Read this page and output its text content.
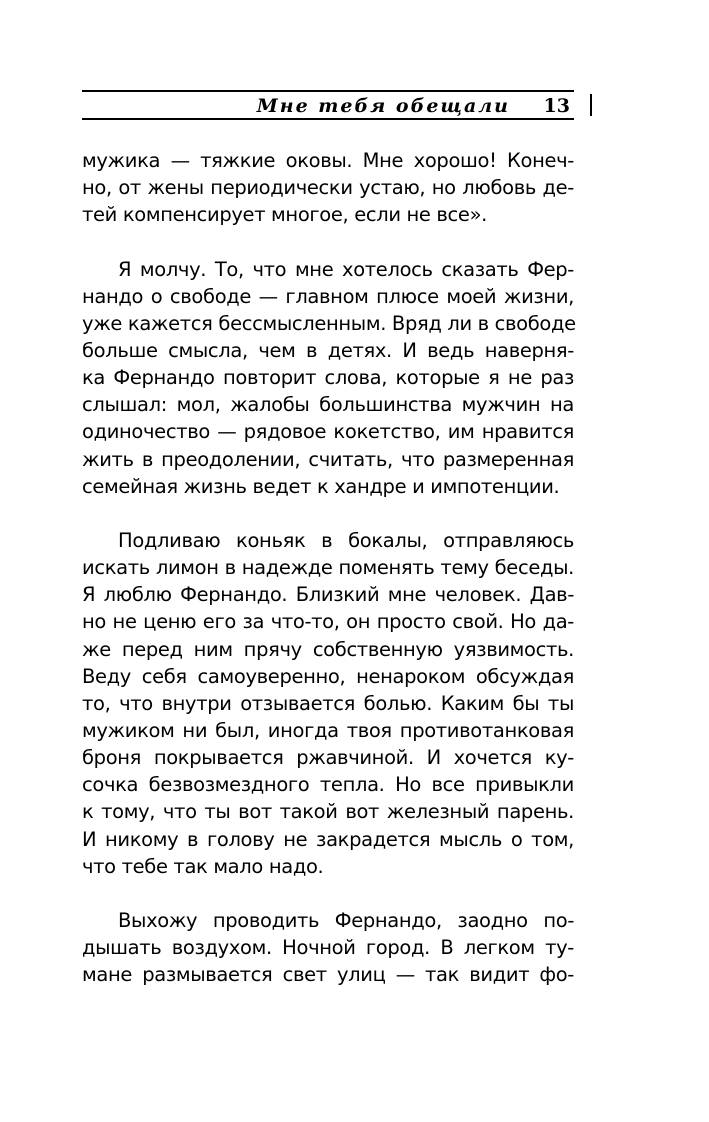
Мне тебя обещали 13
мужика — тяжкие оковы. Мне хорошо! Конеч-
но, от жены периодически устаю, но любовь де-
тей компенсирует многое, если не все».
Я молчу. То, что мне хотелось сказать Фер-
нандо о свободе — главном плюсе моей жизни,
уже кажется бессмысленным. Вряд ли в свободе
больше смысла, чем в детях. И ведь наверня-
ка Фернандо повторит слова, которые я не раз
слышал: мол, жалобы большинства мужчин на
одиночество — рядовое кокетство, им нравится
жить в преодолении, считать, что размеренная
семейная жизнь ведет к хандре и импотенции.
Подливаю коньяк в бокалы, отправляюсь
искать лимон в надежде поменять тему беседы.
Я люблю Фернандо. Близкий мне человек. Дав-
но не ценю его за что-то, он просто свой. Но да-
же перед ним прячу собственную уязвимость.
Веду себя самоуверенно, ненароком обсуждая
то, что внутри отзывается болью. Каким бы ты
мужиком ни был, иногда твоя противотанковая
броня покрывается ржавчиной. И хочется ку-
сочка безвозмездного тепла. Но все привыкли
к тому, что ты вот такой вот железный парень.
И никому в голову не закрадется мысль о том,
что тебе так мало надо.
Выхожу проводить Фернандо, заодно по-
дышать воздухом. Ночной город. В легком ту-
мане размывается свет улиц — так видит фо-
